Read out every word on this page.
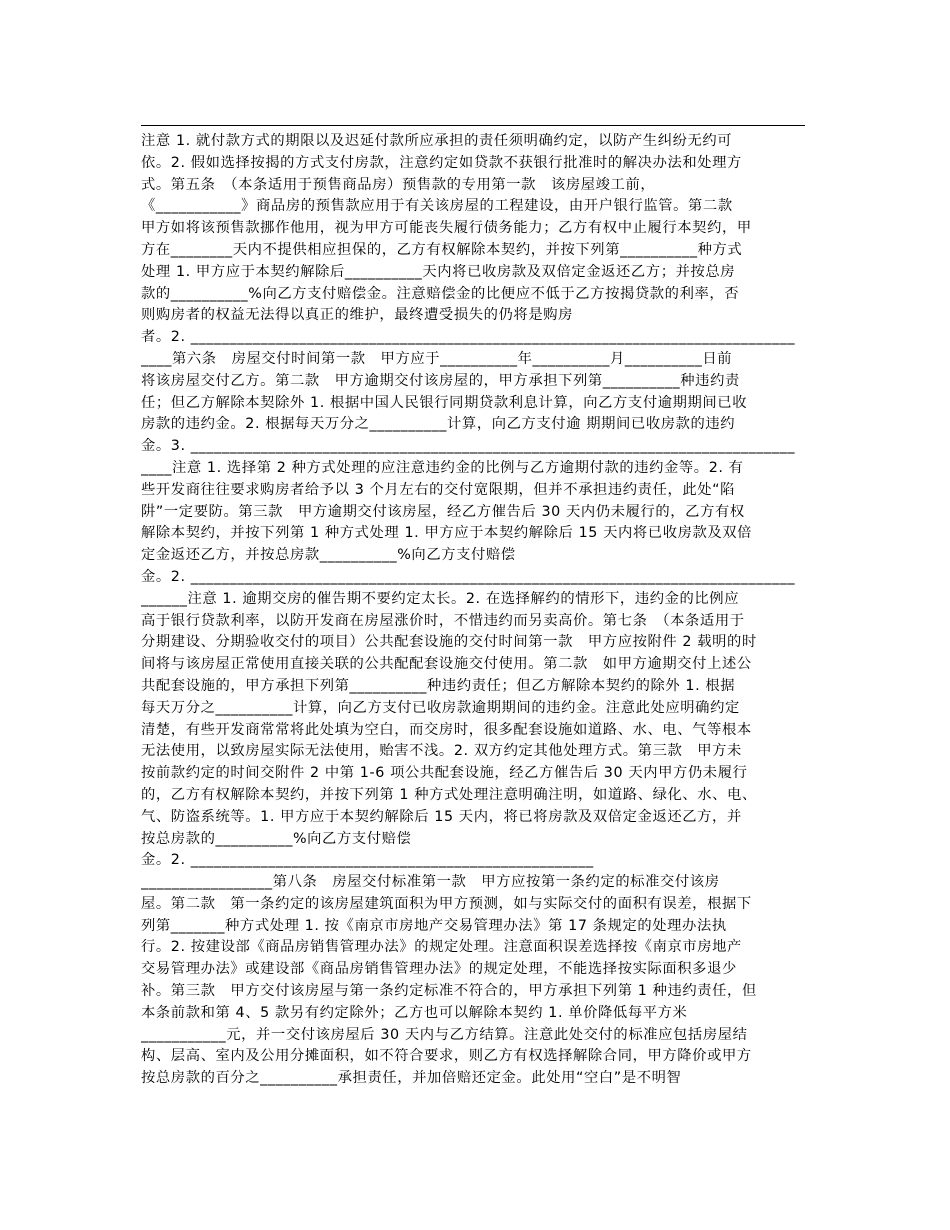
注意 1. 就付款方式的期限以及迟延付款所应承担的责任须明确约定，以防产生纠纷无约可
依。2. 假如选择按揭的方式支付房款，注意约定如贷款不获银行批准时的解决办法和处理方
式。第五条　（本条适用于预售商品房）预售款的专用第一款　该房屋竣工前，
《___________》商品房的预售款应用于有关该房屋的工程建设，由开户银行监管。第二款
甲方如将该预售款挪作他用，视为甲方可能丧失履行债务能力；乙方有权中止履行本契约，甲
方在________天内不提供相应担保的，乙方有权解除本契约，并按下列第__________种方式
处理 1. 甲方应于本契约解除后__________天内将已收房款及双倍定金返还乙方；并按总房
款的__________%向乙方支付赔偿金。注意赔偿金的比便应不低于乙方按揭贷款的利率，否
则购房者的权益无法得以真正的维护，最终遭受损失的仍将是购房
者。2. ______________________________________________________________________________
____第六条　房屋交付时间第一款　甲方应于__________年__________月__________日前
将该房屋交付乙方。第二款　甲方逾期交付该房屋的，甲方承担下列第__________种违约责
任；但乙方解除本契除外 1. 根据中国人民银行同期贷款利息计算，向乙方支付逾期期间已收
房款的违约金。2. 根据每天万分之__________计算，向乙方支付逾 期期间已收房款的违约
金。3. ______________________________________________________________________________
____注意 1. 选择第 2 种方式处理的应注意违约金的比例与乙方逾期付款的违约金等。2. 有
些开发商往往要求购房者给予以 3 个月左右的交付宽限期，但并不承担违约责任，此处“陷
阱”一定要防。第三款　甲方逾期交付该房屋，经乙方催告后 30 天内仍未履行的，乙方有权
解除本契约，并按下列第 1 种方式处理 1. 甲方应于本契约解除后 15 天内将已收房款及双倍
定金返还乙方，并按总房款__________%向乙方支付赔偿
金。2. ______________________________________________________________________________
______注意 1. 逾期交房的催告期不要约定太长。2. 在选择解约的情形下，违约金的比例应
高于银行贷款利率，以防开发商在房屋涨价时，不惜违约而另卖高价。第七条　（本条适用于
分期建设、分期验收交付的项目）公共配套设施的交付时间第一款　甲方应按附件 2 载明的时
间将与该房屋正常使用直接关联的公共配配套设施交付使用。第二款　如甲方逾期交付上述公
共配套设施的，甲方承担下列第__________种违约责任；但乙方解除本契约的除外 1. 根据
每天万分之__________计算，向乙方支付已收房款逾期期间的违约金。注意此处应明确约定
清楚，有些开发商常常将此处填为空白，而交房时，很多配套设施如道路、水、电、气等根本
无法使用，以致房屋实际无法使用，贻害不浅。2. 双方约定其他处理方式。第三款　甲方未
按前款约定的时间交附件 2 中第 1-6 项公共配套设施，经乙方催告后 30 天内甲方仍未履行
的，乙方有权解除本契约，并按下列第 1 种方式处理注意明确注明，如道路、绿化、水、电、
气、防盗系统等。1. 甲方应于本契约解除后 15 天内，将已将房款及双倍定金返还乙方，并
按总房款的__________%向乙方支付赔偿
金。2. ____________________________________________________
_________________第八条　房屋交付标准第一款　甲方应按第一条约定的标准交付该房
屋。第二款　第一条约定的该房屋建筑面积为甲方预测，如与实际交付的面积有误差，根据下
列第_______种方式处理 1. 按《南京市房地产交易管理办法》第 17 条规定的处理办法执
行。2. 按建设部《商品房销售管理办法》的规定处理。注意面积误差选择按《南京市房地产
交易管理办法》或建设部《商品房销售管理办法》的规定处理，不能选择按实际面积多退少
补。第三款　甲方交付该房屋与第一条约定标准不符合的，甲方承担下列第 1 种违约责任，但
本条前款和第 4、5 款另有约定除外；乙方也可以解除本契约 1. 单价降低每平方米
___________元，并一交付该房屋后 30 天内与乙方结算。注意此处交付的标准应包括房屋结
构、层高、室内及公用分摊面积，如不符合要求，则乙方有权选择解除合同，甲方降价或甲方
按总房款的百分之__________承担责任，并加倍赔还定金。此处用“空白”是不明智
